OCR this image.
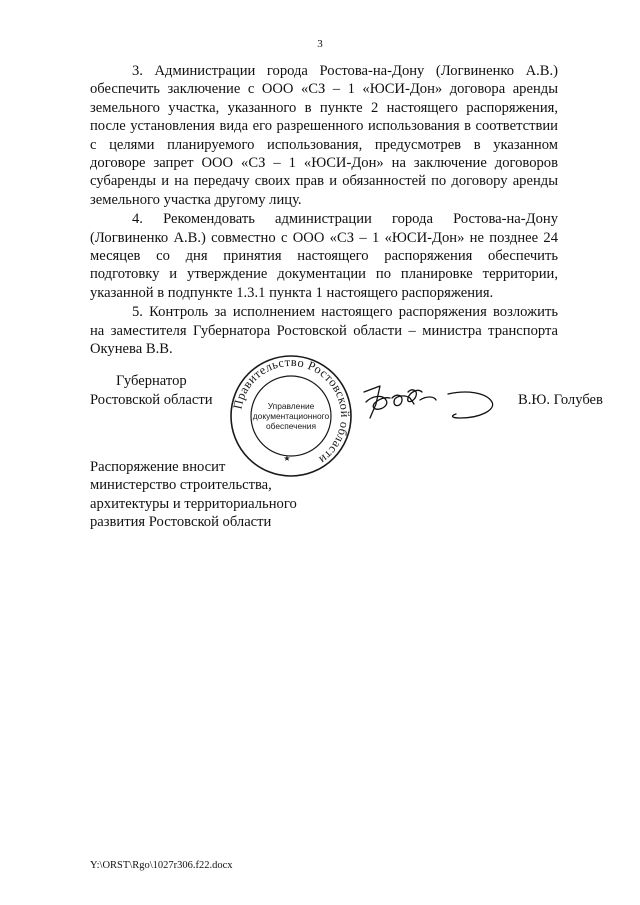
3

3. Администрации города Ростова-на-Дону (Логвиненко А.В.) обеспечить заключение с ООО «СЗ – 1 «ЮСИ-Дон» договора аренды земельного участка, указанного в пункте 2 настоящего распоряжения, после установления вида его разрешенного использования в соответствии с целями планируемого использования, предусмотрев в указанном договоре запрет ООО «СЗ – 1 «ЮСИ-Дон» на заключение договоров субаренды и на передачу своих прав и обязанностей по договору аренды земельного участка другому лицу.

4. Рекомендовать администрации города Ростова-на-Дону (Логвиненко А.В.) совместно с ООО «СЗ – 1 «ЮСИ-Дон» не позднее 24 месяцев со дня принятия настоящего распоряжения обеспечить подготовку и утверждение документации по планировке территории, указанной в подпункте 1.3.1 пункта 1 настоящего распоряжения.

5. Контроль за исполнением настоящего распоряжения возложить на заместителя Губернатора Ростовской области – министра транспорта Окунева В.В.

Губернатор
Ростовской области	Правительство Ростовской области
Управление
документационного
обеспечения
★
В.Ю. Голубев
Распоряжение вносит
министерство строительства,
архитектуры и территориального
развития Ростовской области
Y:\ORST\Rgo\1027r306.f22.docx
